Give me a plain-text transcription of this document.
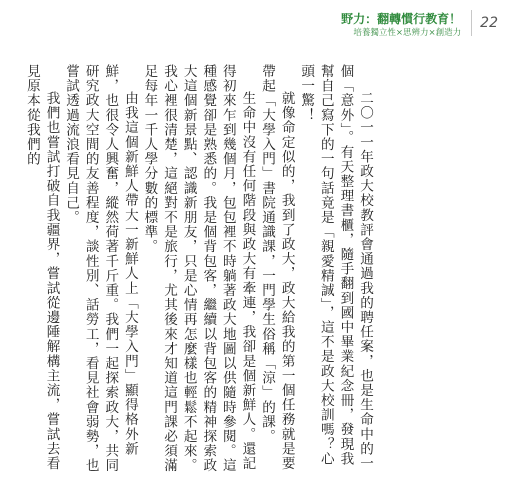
野力：翻轉慣行教育！
培養獨立性×思辨力×創造力
22

二〇一一年政大校教評會通過我的聘任案，也是生命中的一個「意外」。有天整理書櫃，隨手翻到國中畢業紀念冊，發現我幫自己寫下的一句話竟是「親愛精誠」，這不是政大校訓嗎？心頭一驚！

就像命定似的，我到了政大，政大給我的第一個任務就是要帶起「大學入門」書院通識課，一門學生俗稱「涼」的課。

生命中沒有任何階段與政大有牽連，我卻是個新鮮人。還記得初來乍到幾個月，包包裡不時躺著政大地圖以供隨時參閱。這種感覺卻是熟悉的。我是個背包客，繼續以背包客的精神探索政大這個新景點、認識新朋友，只是心情再怎麼樣也輕鬆不起來。我心裡很清楚，這絕對不是旅行，尤其後來才知道這門課必須滿足每年一千人學分數的標準。

由我這個新鮮人帶大一新鮮人上「大學入門」顯得格外新鮮，也很令人興奮，縱然荷著千斤重。我們一起探索政大，共同研究政大空間的友善程度，談性別、話勞工，看見社會弱勢，也嘗試透過流浪看見自己。

我們也嘗試打破自我疆界，嘗試從邊陲解構主流，嘗試去看見原本從我們的
